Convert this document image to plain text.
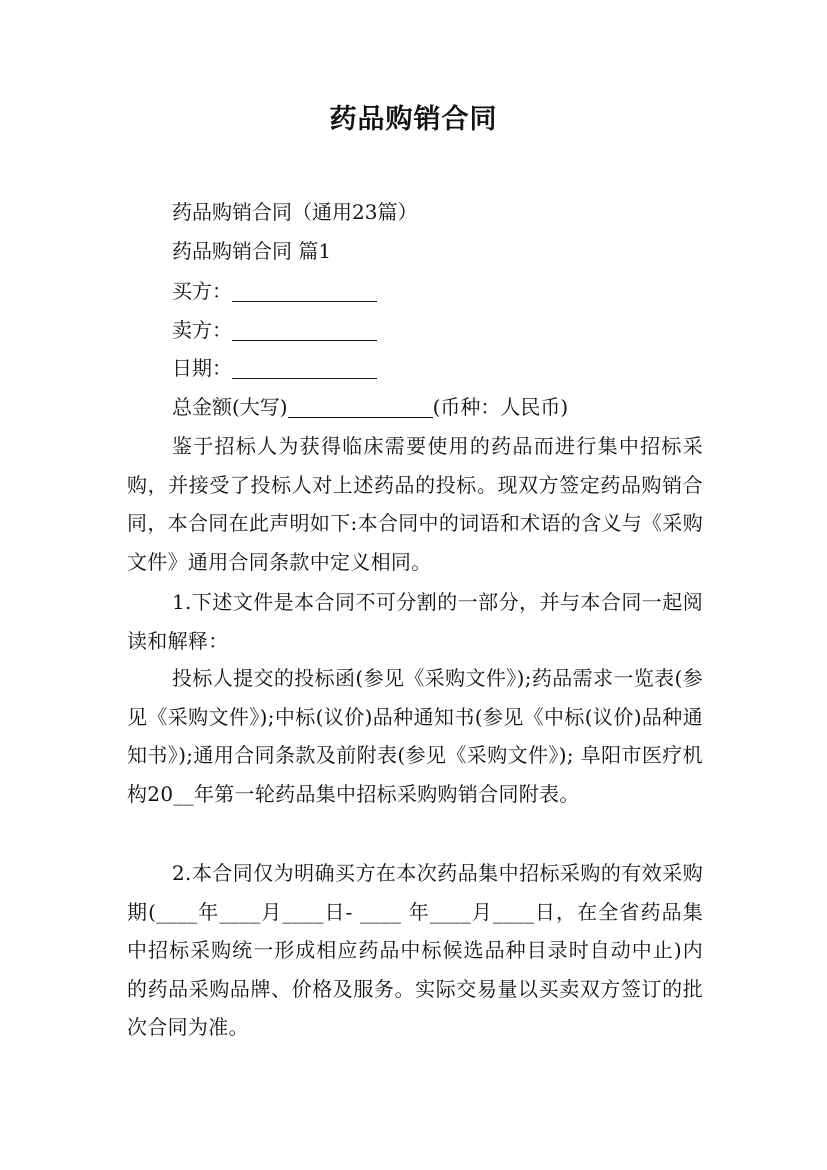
药品购销合同
药品购销合同（通用23篇）
药品购销合同 篇1
买方：
卖方：
日期：
总金额(大写)	(币种：人民币)
鉴于招标人为获得临床需要使用的药品而进行集中招标采购，并接受了投标人对上述药品的投标。现双方签定药品购销合同，本合同在此声明如下:本合同中的词语和术语的含义与《采购文件》通用合同条款中定义相同。
1.下述文件是本合同不可分割的一部分，并与本合同一起阅读和解释：
投标人提交的投标函(参见《采购文件》);药品需求一览表(参见《采购文件》);中标(议价)品种通知书(参见《中标(议价)品种通知书》);通用合同条款及前附表(参见《采购文件》); 阜阳市医疗机构20__年第一轮药品集中招标采购购销合同附表。
2.本合同仅为明确买方在本次药品集中招标采购的有效采购期(____年____月____日- ____ 年____月____日，在全省药品集中招标采购统一形成相应药品中标候选品种目录时自动中止)内的药品采购品牌、价格及服务。实际交易量以买卖双方签订的批次合同为准。
